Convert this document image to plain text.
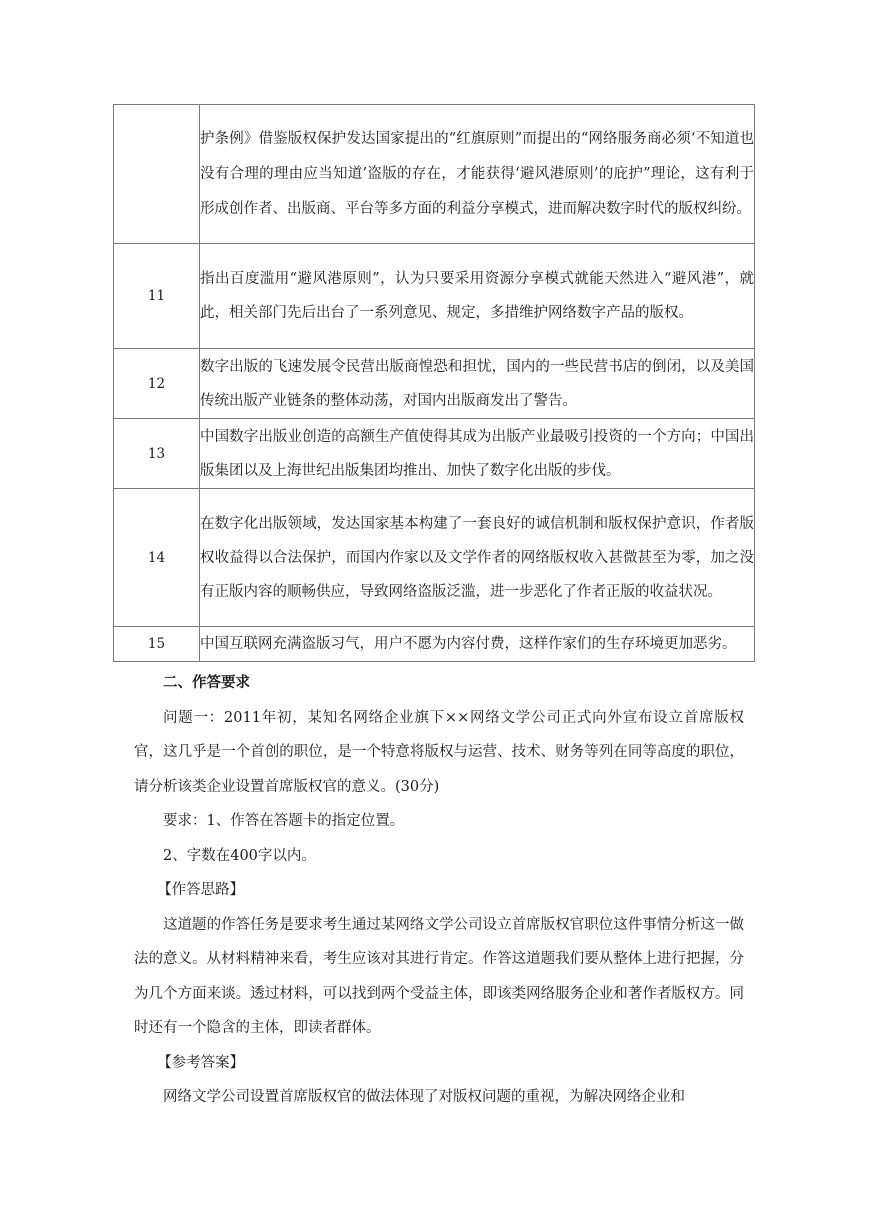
	护条例》借鉴版权保护发达国家提出的“红旗原则”而提出的“网络服务商必须‘不知道也没有合理的理由应当知道’盗版的存在，才能获得‘避风港原则’的庇护”理论，这有利于形成创作者、出版商、平台等多方面的利益分享模式，进而解决数字时代的版权纠纷。
11	指出百度滥用“避风港原则”，认为只要采用资源分享模式就能天然进入“避风港”，就此，相关部门先后出台了一系列意见、规定，多措维护网络数字产品的版权。
12	数字出版的飞速发展令民营出版商惶恐和担忧，国内的一些民营书店的倒闭，以及美国传统出版产业链条的整体动荡，对国内出版商发出了警告。
13	中国数字出版业创造的高额生产值使得其成为出版产业最吸引投资的一个方向；中国出版集团以及上海世纪出版集团均推出、加快了数字化出版的步伐。
14	在数字化出版领域，发达国家基本构建了一套良好的诚信机制和版权保护意识，作者版权收益得以合法保护，而国内作家以及文学作者的网络版权收入甚微甚至为零，加之没有正版内容的顺畅供应，导致网络盗版泛滥，进一步恶化了作者正版的收益状况。
15	中国互联网充满盗版习气，用户不愿为内容付费，这样作家们的生存环境更加恶劣。

二、作答要求

问题一：2011年初，某知名网络企业旗下××网络文学公司正式向外宣布设立首席版权官，这几乎是一个首创的职位，是一个特意将版权与运营、技术、财务等列在同等高度的职位，请分析该类企业设置首席版权官的意义。(30分)

要求：1、作答在答题卡的指定位置。

2、字数在400字以内。

【作答思路】

这道题的作答任务是要求考生通过某网络文学公司设立首席版权官职位这件事情分析这一做法的意义。从材料精神来看，考生应该对其进行肯定。作答这道题我们要从整体上进行把握，分为几个方面来谈。透过材料，可以找到两个受益主体，即该类网络服务企业和著作者版权方。同时还有一个隐含的主体，即读者群体。

【参考答案】

网络文学公司设置首席版权官的做法体现了对版权问题的重视，为解决网络企业和
